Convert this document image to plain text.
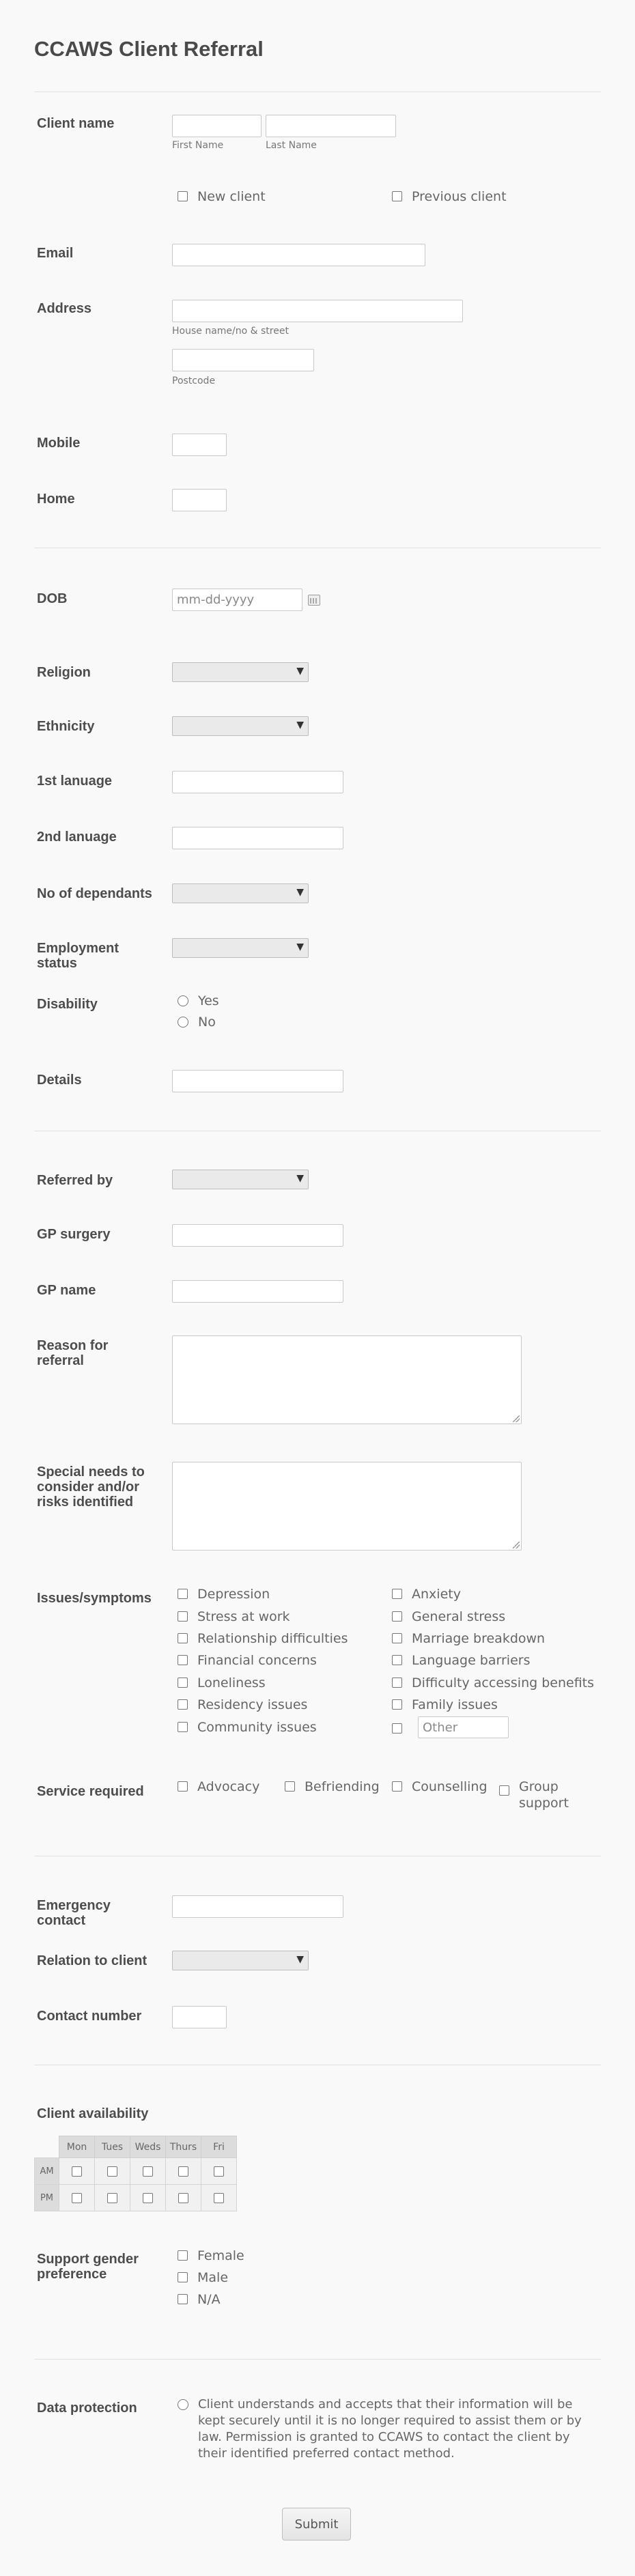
CCAWS Client Referral
Client name
First Name	Last Name
New client	Previous client
Email
Address
House name/no & street
Postcode
Mobile
Home
DOB
mm-dd-yyyy
Religion	▼
Ethnicity	▼
1st lanuage
2nd lanuage
No of dependants	▼
Employment status
▼
Disability	Yes
No
Details
Referred by	▼
GP surgery
GP name
Reason for referral
Special needs to consider and/or risks identified
Issues/symptoms	Depression
Stress at work
Relationship difficulties
Financial concerns
Loneliness
Residency issues
Community issues
Anxiety
General stress
Marriage breakdown
Language barriers
Difficulty accessing benefits
Family issues
Other
Service required	Advocacy	Befriending Counselling Group support
Emergency contact
Relation to client	▼
Contact number
Client availability
	Mon	Tues	Weds	Thurs	Fri
AM					
PM					
Support gender preference
Female
Male
N/A
Data protection	Client understands and accepts that their information will be kept securely until it is no longer required to assist them or by law. Permission is granted to CCAWS to contact the client by their identified preferred contact method.
Submit
